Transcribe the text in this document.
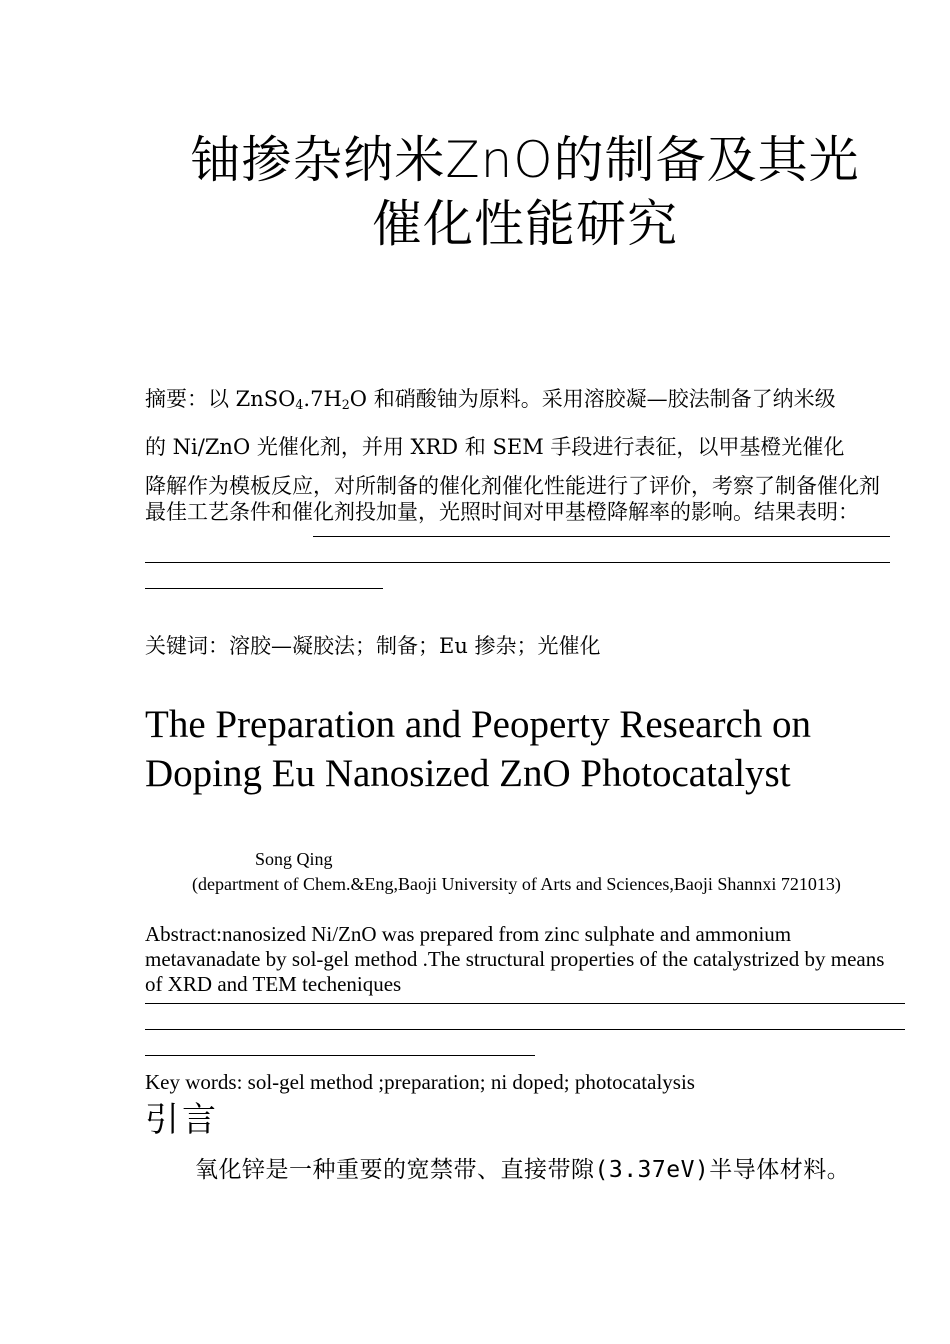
铀掺杂纳米ZnO的制备及其光
催化性能研究
摘要：以 $ZnSO_4.7H_2O$ 和硝酸铀为原料。采用溶胶凝—胶法制备了纳米级
的 Ni/ZnO 光催化剂，并用 XRD 和 SEM 手段进行表征，以甲基橙光催化
降解作为模板反应，对所制备的催化剂催化性能进行了评价，考察了制备催化剂最佳工艺条件和催化剂投加量，光照时间对甲基橙降解率的影响。结果表明：
关键词：溶胶—凝胶法；制备；Eu 掺杂；光催化
The Preparation and Peoperty Research on
Doping Eu Nanosized ZnO Photocatalyst
Song Qing
(department of Chem.&Eng,Baoji University of Arts and Sciences,Baoji Shannxi 721013)
Abstract:nanosized Ni/ZnO was prepared from zinc sulphate and ammonium metavanadate by sol-gel method .The structural properties of the catalystrized by means of XRD and TEM techeniques
Key words: sol-gel method ;preparation; ni doped; photocatalysis
引言
氧化锌是一种重要的宽禁带、直接带隙(3.37eV)半导体材料。
